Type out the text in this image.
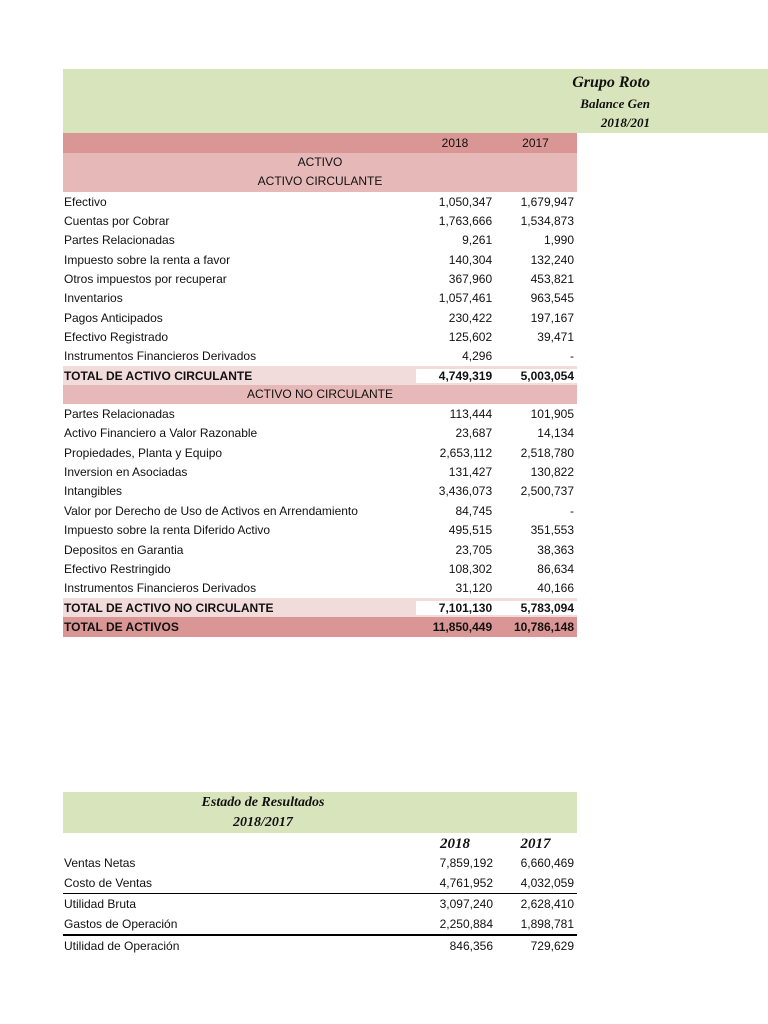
Grupo Roto
Balance Gen
2018/201
2018	2017
ACTIVO
ACTIVO CIRCULANTE
Efectivo	1,050,347	1,679,947
Cuentas por Cobrar	1,763,666	1,534,873
Partes Relacionadas	9,261	1,990
Impuesto sobre la renta a favor	140,304	132,240
Otros impuestos por recuperar	367,960	453,821
Inventarios	1,057,461	963,545
Pagos Anticipados	230,422	197,167
Efectivo Registrado	125,602	39,471
Instrumentos Financieros Derivados	4,296	-
TOTAL DE ACTIVO CIRCULANTE	4,749,319	5,003,054
ACTIVO NO CIRCULANTE
Partes Relacionadas	113,444	101,905
Activo Financiero a Valor Razonable	23,687	14,134
Propiedades, Planta y Equipo	2,653,112	2,518,780
Inversion en Asociadas	131,427	130,822
Intangibles	3,436,073	2,500,737
Valor por Derecho de Uso de Activos en Arrendamiento	84,745	-
Impuesto sobre la renta Diferido Activo	495,515	351,553
Depositos en Garantia	23,705	38,363
Efectivo Restringido	108,302	86,634
Instrumentos Financieros Derivados	31,120	40,166
TOTAL DE ACTIVO NO CIRCULANTE	7,101,130	5,783,094
TOTAL DE ACTIVOS	11,850,449	10,786,148
Estado de Resultados
2018/2017
2018	2017
Ventas Netas	7,859,192	6,660,469
Costo de Ventas	4,761,952	4,032,059
Utilidad Bruta	3,097,240	2,628,410
Gastos de Operación	2,250,884	1,898,781
Utilidad de Operación	846,356	729,629
